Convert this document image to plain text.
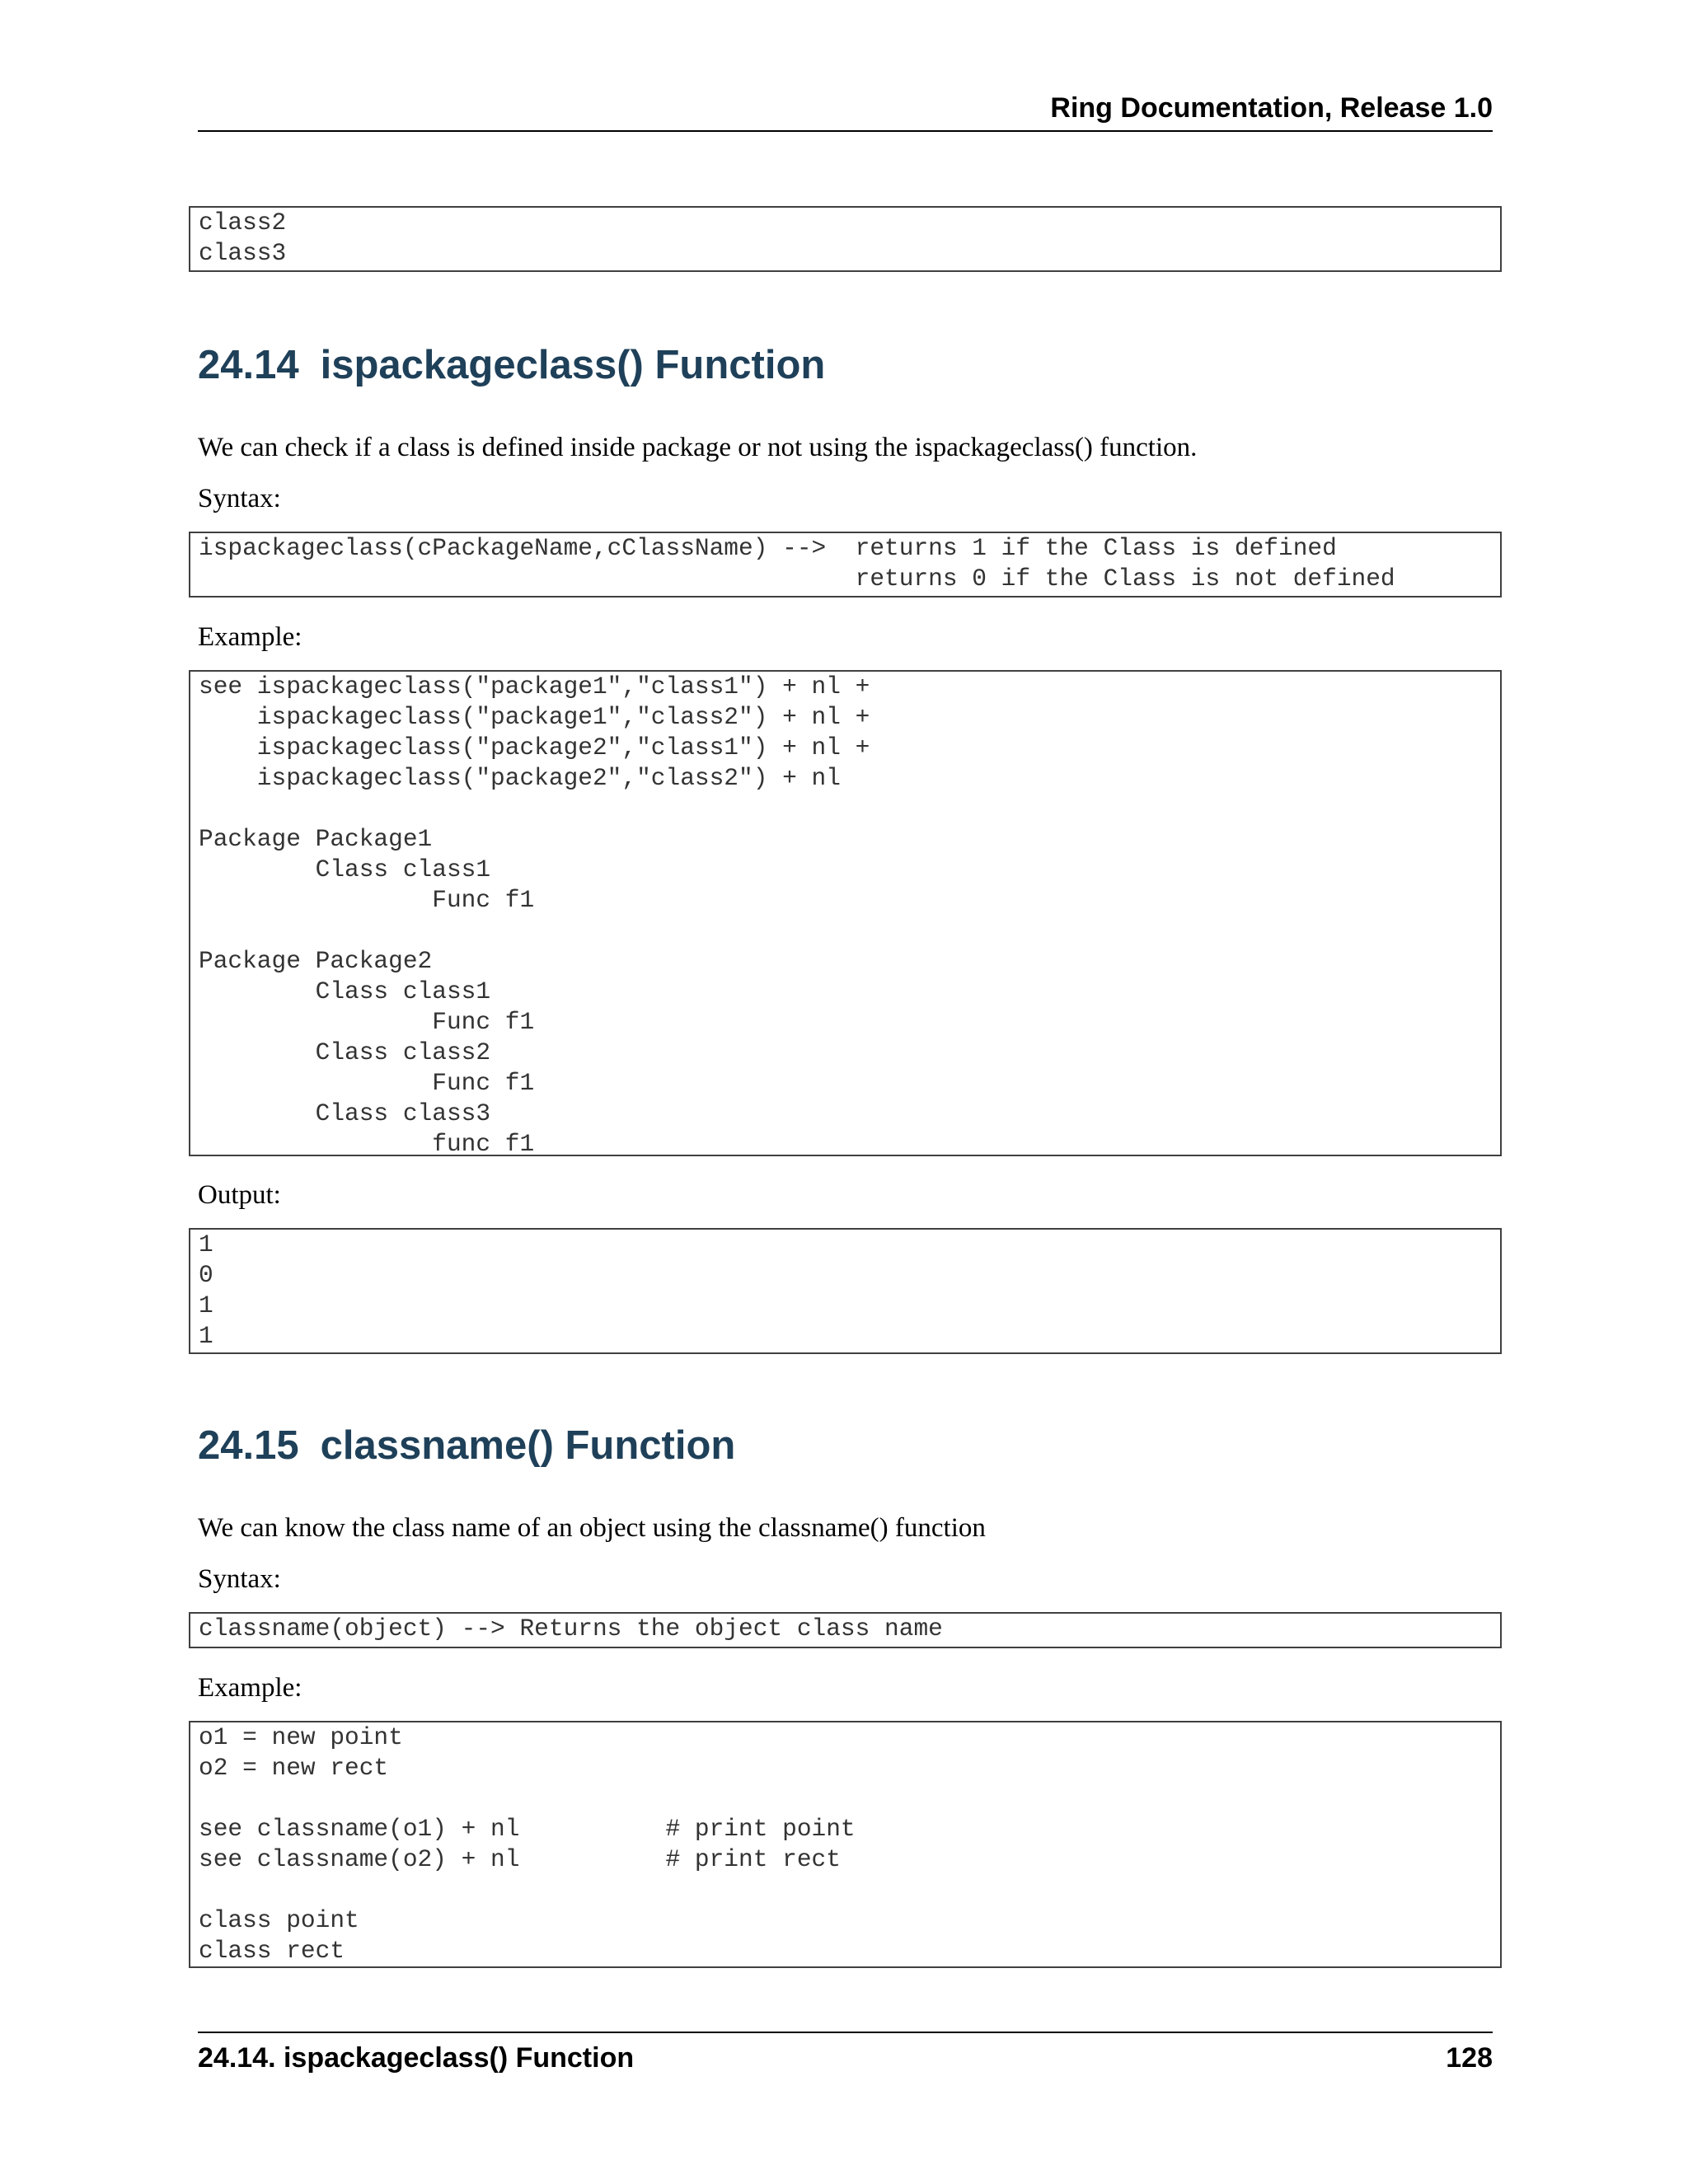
Ring Documentation, Release 1.0
class2
class3
24.14 ispackageclass() Function

We can check if a class is defined inside package or not using the ispackageclass() function.

Syntax:

ispackageclass(cPackageName,cClassName) -->  returns 1 if the Class is defined
returns 0 if the Class is not defined

Example:

see ispackageclass("package1","class1") + nl +
ispackageclass("package1","class2") + nl +
ispackageclass("package2","class1") + nl +
ispackageclass("package2","class2") + nl

Package Package1
Class class1
Func f1

Package Package2
Class class1
Func f1
Class class2
Func f1
Class class3
func f1

Output:

1
0
1
1
24.15 classname() Function

We can know the class name of an object using the classname() function

Syntax:

classname(object) --> Returns the object class name

Example:

o1 = new point
o2 = new rect

see classname(o1) + nl          # print point
see classname(o2) + nl          # print rect

class point
class rect
24.14. ispackageclass() Function	128
